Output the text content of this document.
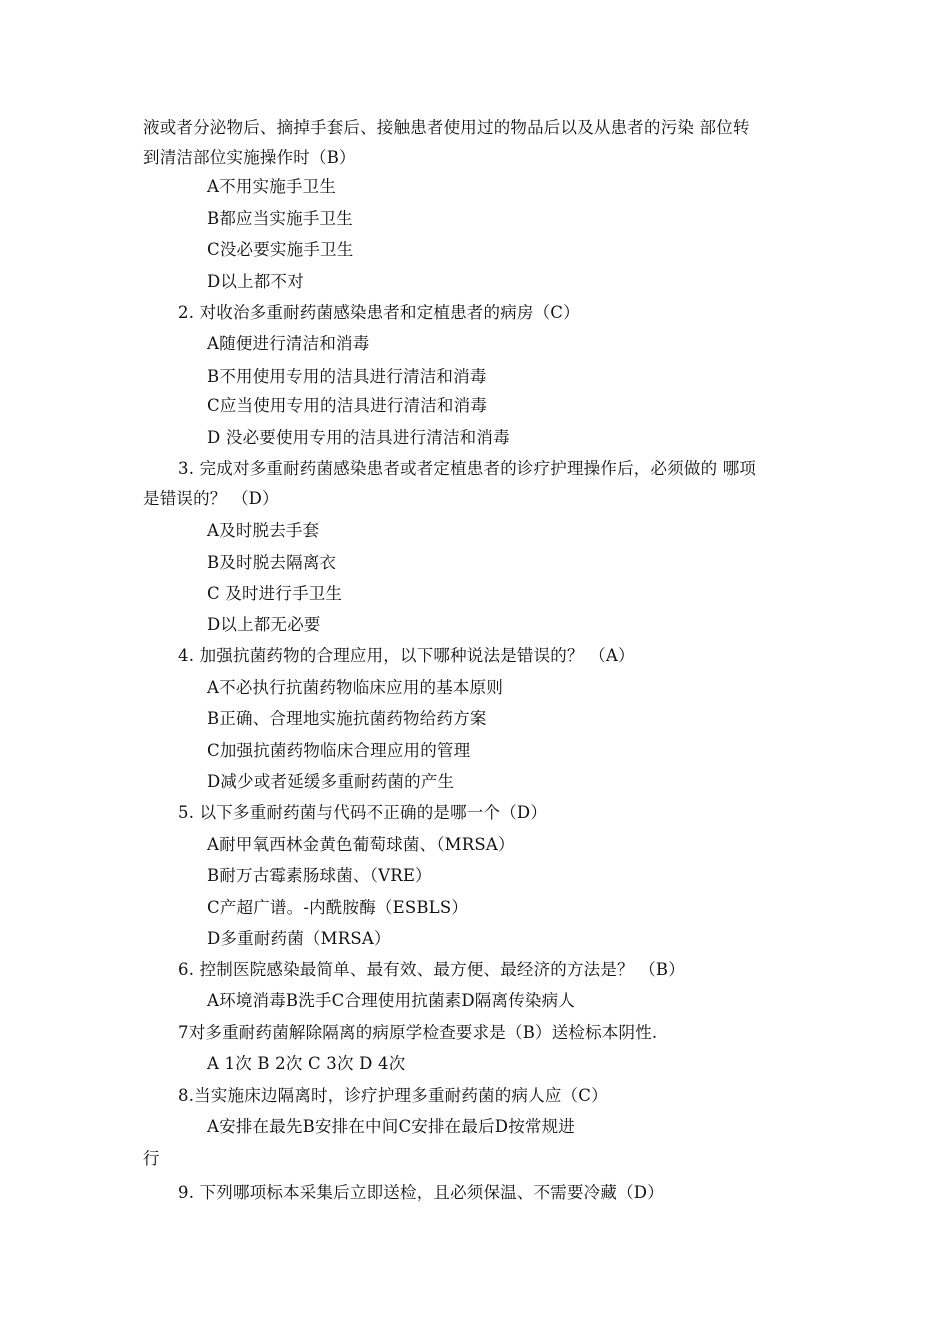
液或者分泌物后、摘掉手套后、接触患者使用过的物品后以及从患者的污染 部位转
到清洁部位实施操作时（B）
A不用实施手卫生
B都应当实施手卫生
C没必要实施手卫生
D以上都不对
2. 对收治多重耐药菌感染患者和定植患者的病房（C）
A随便进行清洁和消毒
B不用使用专用的洁具进行清洁和消毒
C应当使用专用的洁具进行清洁和消毒
D 没必要使用专用的洁具进行清洁和消毒
3. 完成对多重耐药菌感染患者或者定植患者的诊疗护理操作后，必须做的 哪项
是错误的？ （D）
A及时脱去手套
B及时脱去隔离衣
C 及时进行手卫生
D以上都无必要
4. 加强抗菌药物的合理应用，以下哪种说法是错误的？ （A）
A不必执行抗菌药物临床应用的基本原则
B正确、合理地实施抗菌药物给药方案
C加强抗菌药物临床合理应用的管理
D减少或者延缓多重耐药菌的产生
5. 以下多重耐药菌与代码不正确的是哪一个（D）
A耐甲氧西林金黄色葡萄球菌、（MRSA）
B耐万古霉素肠球菌、（VRE）
C产超广谱。-内酰胺酶（ESBLS）
D多重耐药菌（MRSA）
6. 控制医院感染最简单、最有效、最方便、最经济的方法是？ （B）
A环境消毒B洗手C合理使用抗菌素D隔离传染病人
7对多重耐药菌解除隔离的病原学检查要求是（B）送检标本阴性.
A 1次 B 2次 C 3次 D 4次
8.当实施床边隔离时，诊疗护理多重耐药菌的病人应（C）
A安排在最先B安排在中间C安排在最后D按常规进
行
9. 下列哪项标本采集后立即送检，且必须保温、不需要冷藏（D）
